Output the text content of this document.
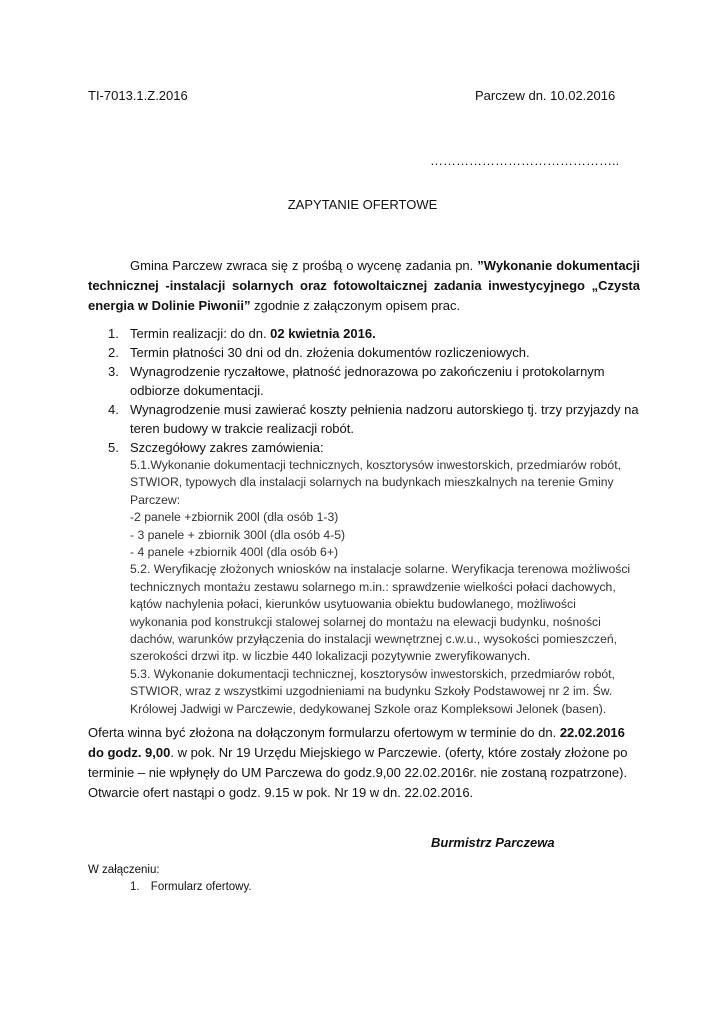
TI-7013.1.Z.2016	Parczew dn. 10.02.2016
……………………………………..
ZAPYTANIE OFERTOWE
Gmina Parczew zwraca się z prośbą o wycenę zadania pn. ”Wykonanie dokumentacji technicznej -instalacji solarnych oraz fotowoltaicznej zadania inwestycyjnego „Czysta energia w Dolinie Piwonii” zgodnie z załączonym opisem prac.
1. Termin realizacji: do dn. 02 kwietnia 2016.
2. Termin płatności 30 dni od dn. złożenia dokumentów rozliczeniowych.
3. Wynagrodzenie ryczałtowe, płatność jednorazowa po zakończeniu i protokolarnym odbiorze dokumentacji.
4. Wynagrodzenie musi zawierać koszty pełnienia nadzoru autorskiego tj. trzy przyjazdy na teren budowy w trakcie realizacji robót.
5. Szczegółowy zakres zamówienia:
5.1.Wykonanie dokumentacji technicznych, kosztorysów inwestorskich, przedmiarów robót, STWIOR, typowych dla instalacji solarnych na budynkach mieszkalnych na terenie Gminy Parczew:
-2 panele +zbiornik 200l (dla osób 1-3)
- 3 panele + zbiornik 300l (dla osób 4-5)
- 4 panele +zbiornik 400l (dla osób 6+)
5.2. Weryfikację złożonych wniosków na instalacje solarne. Weryfikacja terenowa możliwości technicznych montażu zestawu solarnego m.in.: sprawdzenie wielkości połaci dachowych, kątów nachylenia połaci, kierunków usytuowania obiektu budowlanego, możliwości wykonania pod konstrukcji stalowej solarnej do montażu na elewacji budynku, nośności dachów, warunków przyłączenia do instalacji wewnętrznej c.w.u., wysokości pomieszczeń, szerokości drzwi itp. w liczbie 440 lokalizacji pozytywnie zweryfikowanych.
5.3. Wykonanie dokumentacji technicznej, kosztorysów inwestorskich, przedmiarów robót, STWIOR, wraz z wszystkimi uzgodnieniami na budynku Szkoły Podstawowej nr 2 im. Św. Królowej Jadwigi w Parczewie, dedykowanej Szkole oraz Kompleksowi Jelonek (basen).
Oferta winna być złożona na dołączonym formularzu ofertowym w terminie do dn. 22.02.2016 do godz. 9,00. w pok. Nr 19 Urzędu Miejskiego w Parczewie. (oferty, które zostały złożone po terminie – nie wpłynęły do UM Parczewa do godz.9,00 22.02.2016r. nie zostaną rozpatrzone). Otwarcie ofert nastąpi o godz. 9.15 w pok. Nr 19 w dn. 22.02.2016.
Burmistrz Parczewa
W załączeniu:
1. Formularz ofertowy.
